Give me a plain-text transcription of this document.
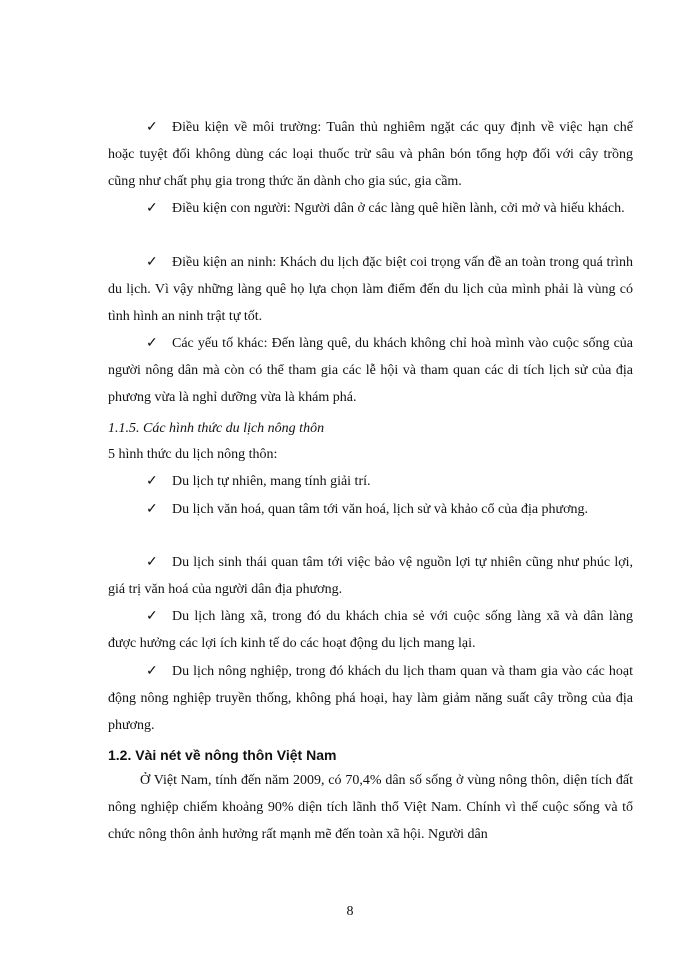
✓ Điều kiện về môi trường: Tuân thủ nghiêm ngặt các quy định về việc hạn chế hoặc tuyệt đối không dùng các loại thuốc trừ sâu và phân bón tổng hợp đối với cây trồng cũng như chất phụ gia trong thức ăn dành cho gia súc, gia cầm.

✓ Điều kiện con người: Người dân ở các làng quê hiền lành, cởi mở và hiếu khách.

✓ Điều kiện an ninh: Khách du lịch đặc biệt coi trọng vấn đề an toàn trong quá trình du lịch. Vì vậy những làng quê họ lựa chọn làm điểm đến du lịch của mình phải là vùng có tình hình an ninh trật tự tốt.

✓ Các yếu tố khác: Đến làng quê, du khách không chỉ hoà mình vào cuộc sống của người nông dân mà còn có thể tham gia các lễ hội và tham quan các di tích lịch sử của địa phương vừa là nghỉ dưỡng vừa là khám phá.

1.1.5. Các hình thức du lịch nông thôn

5 hình thức du lịch nông thôn:

✓ Du lịch tự nhiên, mang tính giải trí.

✓ Du lịch văn hoá, quan tâm tới văn hoá, lịch sử và khảo cổ của địa phương.

✓ Du lịch sinh thái quan tâm tới việc bảo vệ nguồn lợi tự nhiên cũng như phúc lợi, giá trị văn hoá của người dân địa phương.

✓ Du lịch làng xã, trong đó du khách chia sẻ với cuộc sống làng xã và dân làng được hưởng các lợi ích kinh tế do các hoạt động du lịch mang lại.

✓ Du lịch nông nghiệp, trong đó khách du lịch tham quan và tham gia vào các hoạt động nông nghiệp truyền thống, không phá hoại, hay làm giảm năng suất cây trồng của địa phương.

1.2. Vài nét về nông thôn Việt Nam

Ở Việt Nam, tính đến năm 2009, có 70,4% dân số sống ở vùng nông thôn, diện tích đất nông nghiệp chiếm khoảng 90% diện tích lãnh thổ Việt Nam. Chính vì thế cuộc sống và tổ chức nông thôn ảnh hưởng rất mạnh mẽ đến toàn xã hội. Người dân

8
